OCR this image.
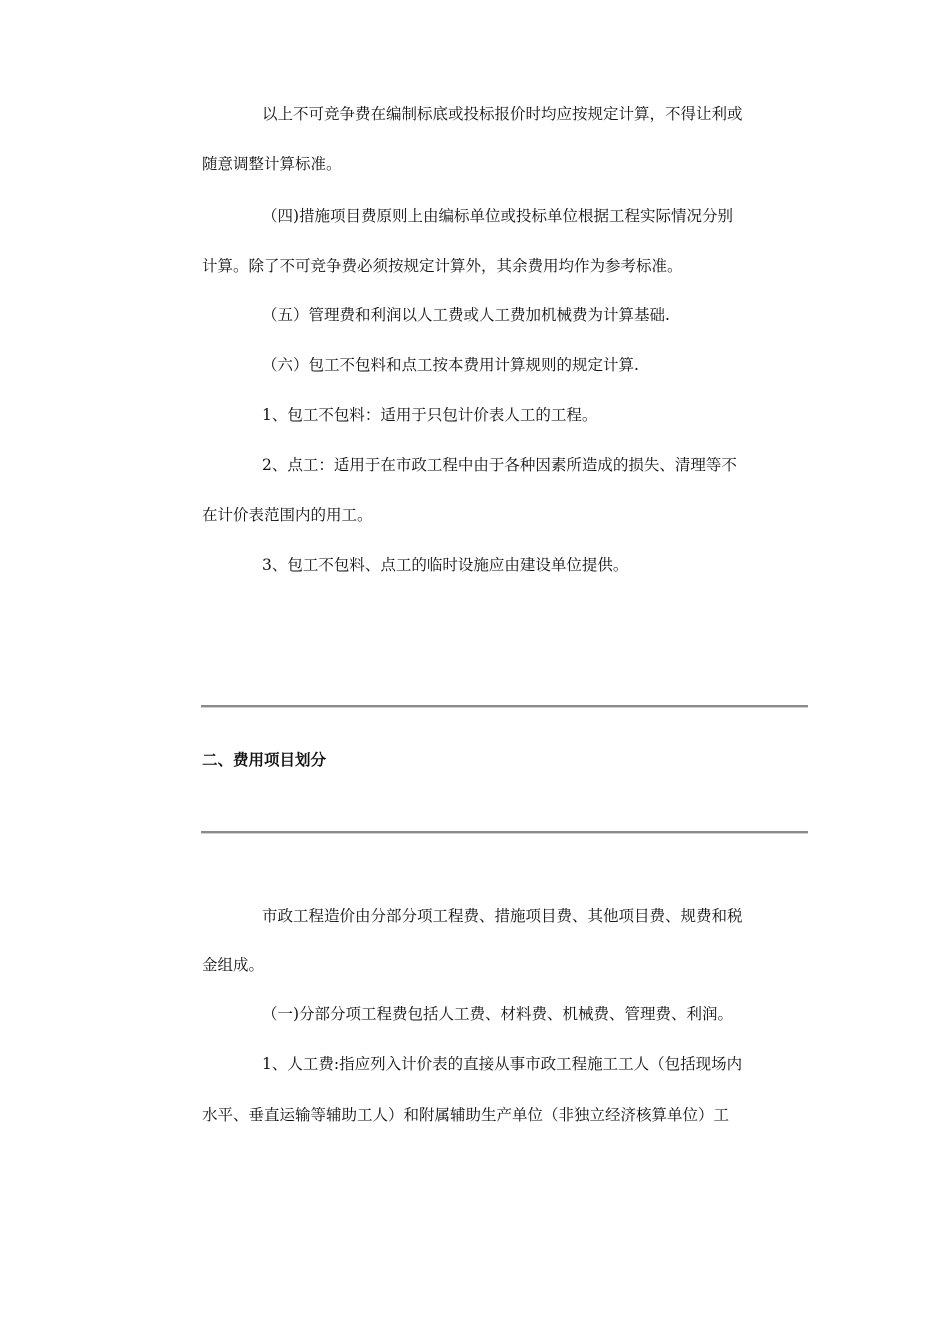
以上不可竞争费在编制标底或投标报价时均应按规定计算，不得让利或
随意调整计算标准。
（四)措施项目费原则上由编标单位或投标单位根据工程实际情况分别
计算。除了不可竞争费必须按规定计算外，其余费用均作为参考标准。
（五）管理费和利润以人工费或人工费加机械费为计算基础.
（六）包工不包料和点工按本费用计算规则的规定计算.
1、包工不包料：适用于只包计价表人工的工程。
2、点工：适用于在市政工程中由于各种因素所造成的损失、清理等不
在计价表范围内的用工。
3、包工不包料、点工的临时设施应由建设单位提供。
二、费用项目划分
市政工程造价由分部分项工程费、措施项目费、其他项目费、规费和税
金组成。
（一)分部分项工程费包括人工费、材料费、机械费、管理费、利润。
1、人工费:指应列入计价表的直接从事市政工程施工工人（包括现场内
水平、垂直运输等辅助工人）和附属辅助生产单位（非独立经济核算单位）工
